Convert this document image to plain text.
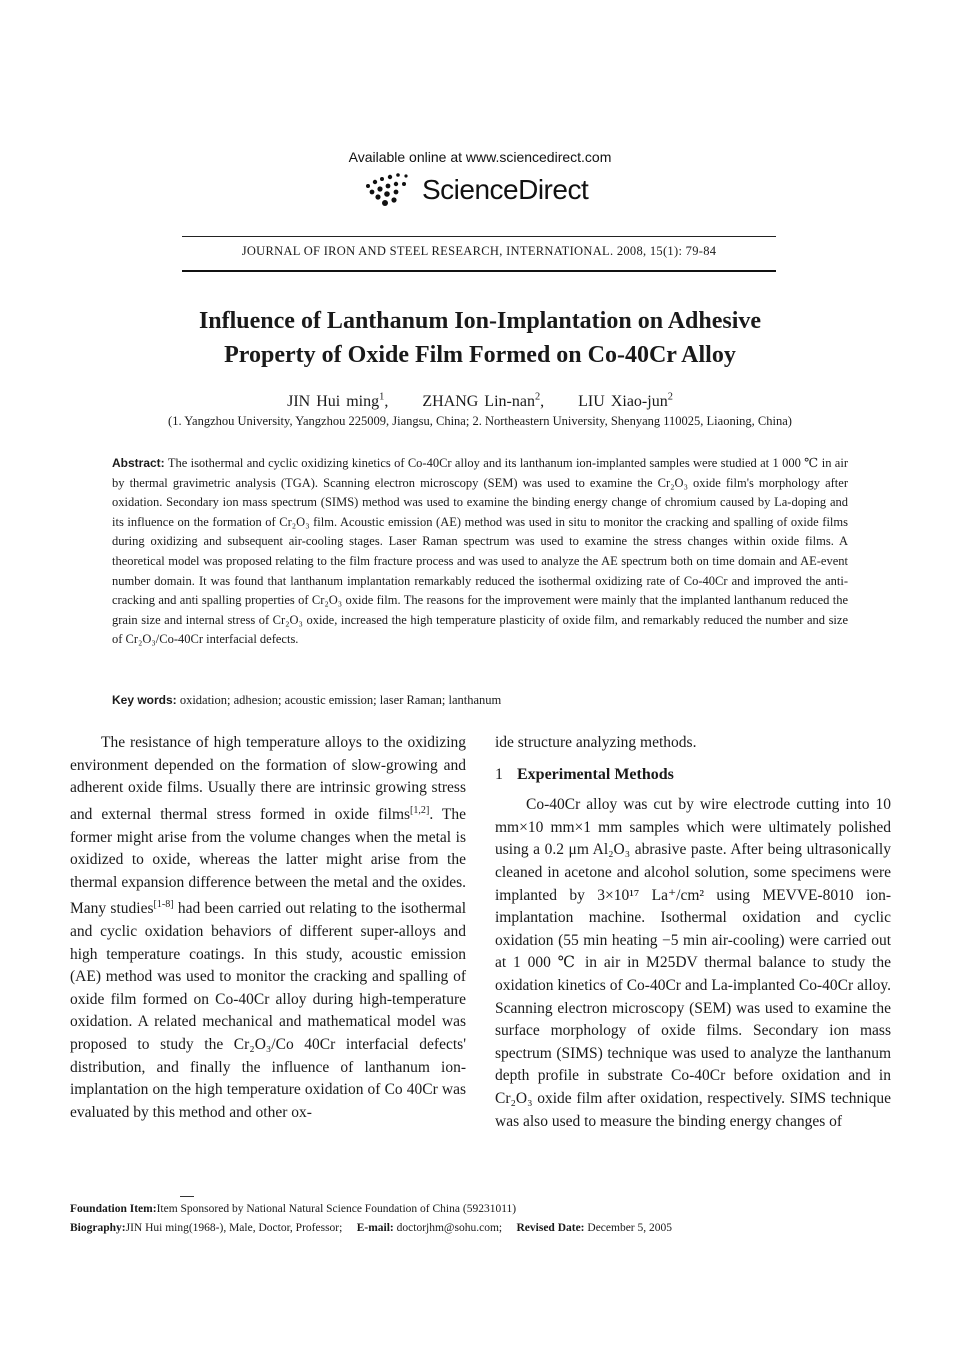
Available online at www.sciencedirect.com
ScienceDirect
JOURNAL OF IRON AND STEEL RESEARCH, INTERNATIONAL. 2008, 15(1): 79-84
Influence of Lanthanum Ion-Implantation on Adhesive
Property of Oxide Film Formed on Co-40Cr Alloy
JIN Hui ming$^1$, ZHANG Lin-nan$^2$, LIU Xiao-jun$^2$
(1. Yangzhou University, Yangzhou 225009, Jiangsu, China; 2. Northeastern University, Shenyang 110025, Liaoning, China)
Abstract: The isothermal and cyclic oxidizing kinetics of Co-40Cr alloy and its lanthanum ion-implanted samples were studied at 1 000 ℃ in air by thermal gravimetric analysis (TGA). Scanning electron microscopy (SEM) was used to examine the Cr₂O₃ oxide film's morphology after oxidation. Secondary ion mass spectrum (SIMS) method was used to examine the binding energy change of chromium caused by La-doping and its influence on the formation of Cr₂O₃ film. Acoustic emission (AE) method was used in situ to monitor the cracking and spalling of oxide films during oxidizing and subsequent air-cooling stages. Laser Raman spectrum was used to examine the stress changes within oxide films. A theoretical model was proposed relating to the film fracture process and was used to analyze the AE spectrum both on time domain and AE-event number domain. It was found that lanthanum implantation remarkably reduced the isothermal oxidizing rate of Co-40Cr and improved the anti-cracking and anti spalling properties of Cr₂O₃ oxide film. The reasons for the improvement were mainly that the implanted lanthanum reduced the grain size and internal stress of Cr₂O₃ oxide, increased the high temperature plasticity of oxide film, and remarkably reduced the number and size of Cr₂O₃/Co-40Cr interfacial defects.
Key words: oxidation; adhesion; acoustic emission; laser Raman; lanthanum

The resistance of high temperature alloys to the oxidizing environment depended on the formation of slow-growing and adherent oxide films. Usually there are intrinsic growing stress and external thermal stress formed in oxide films[1,2]. The former might arise from the volume changes when the metal is oxidized to oxide, whereas the latter might arise from the thermal expansion difference between the metal and the oxides. Many studies[1-8] had been carried out relating to the isothermal and cyclic oxidation behaviors of different super-alloys and high temperature coatings. In this study, acoustic emission (AE) method was used to monitor the cracking and spalling of oxide film formed on Co-40Cr alloy during high-temperature oxidation. A related mechanical and mathematical model was proposed to study the Cr₂O₃/Co 40Cr interfacial defects' distribution, and finally the influence of lanthanum ion-implantation on the high temperature oxidation of Co 40Cr was evaluated by this method and other ox-

ide structure analyzing methods.

1 Experimental Methods

Co-40Cr alloy was cut by wire electrode cutting into 10 mm×10 mm×1 mm samples which were ultimately polished using a 0.2 μm Al₂O₃ abrasive paste. After being ultrasonically cleaned in acetone and alcohol solution, some specimens were implanted by 3×10¹⁷ La⁺/cm² using MEVVE-8010 ion-implantation machine. Isothermal oxidation and cyclic oxidation (55 min heating −5 min air-cooling) were carried out at 1 000 ℃ in air in M25DV thermal balance to study the oxidation kinetics of Co-40Cr and La-implanted Co-40Cr alloy. Scanning electron microscopy (SEM) was used to examine the surface morphology of oxide films. Secondary ion mass spectrum (SIMS) technique was used to analyze the lanthanum depth profile in substrate Co-40Cr before oxidation and in Cr₂O₃ oxide film after oxidation, respectively. SIMS technique was also used to measure the binding energy changes of

Foundation Item:Item Sponsored by National Natural Science Foundation of China (59231011)
Biography:JIN Hui ming(1968-), Male, Doctor, Professor; E-mail: doctorjhm@sohu.com; Revised Date: December 5, 2005
